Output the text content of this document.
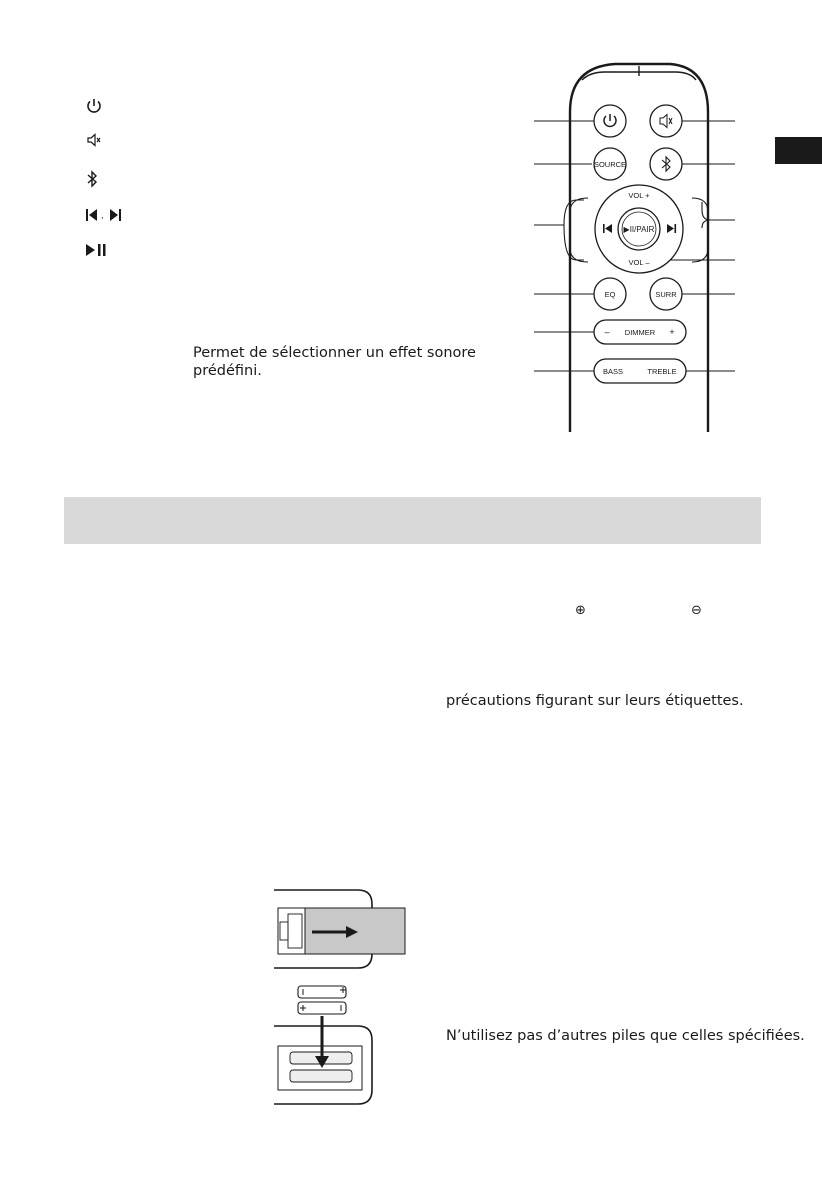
,
Permet de sélectionner un effet sonore
prédéfini.
SOURCE
VOL +
VOL –
▶II/PAIR
EQ	SURR
– DIMMER +
BASS	TREBLE
⊕	⊖
précautions figurant sur leurs étiquettes.
N’utilisez pas d’autres piles que celles spécifiées.
